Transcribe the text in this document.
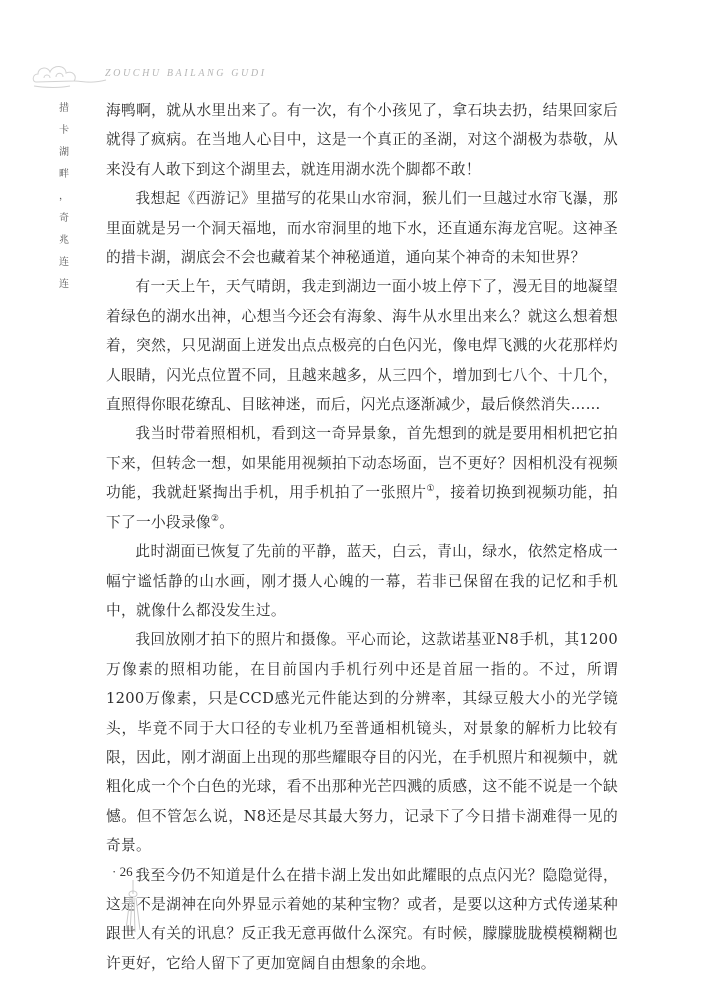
ZOUCHU BAILANG GUDI
措
卡
湖
畔
，
奇
兆
连
连

海鸭啊，就从水里出来了。有一次，有个小孩见了，拿石块去扔，结果回家后就得了疯病。在当地人心目中，这是一个真正的圣湖，对这个湖极为恭敬，从来没有人敢下到这个湖里去，就连用湖水洗个脚都不敢！

我想起《西游记》里描写的花果山水帘洞，猴儿们一旦越过水帘飞瀑，那里面就是另一个洞天福地，而水帘洞里的地下水，还直通东海龙宫呢。这神圣的措卡湖，湖底会不会也藏着某个神秘通道，通向某个神奇的未知世界？

有一天上午，天气晴朗，我走到湖边一面小坡上停下了，漫无目的地凝望着绿色的湖水出神，心想当今还会有海象、海牛从水里出来么？就这么想着想着，突然，只见湖面上迸发出点点极亮的白色闪光，像电焊飞溅的火花那样灼人眼睛，闪光点位置不同，且越来越多，从三四个，增加到七八个、十几个，直照得你眼花缭乱、目眩神迷，而后，闪光点逐渐减少，最后倏然消失……

我当时带着照相机，看到这一奇异景象，首先想到的就是要用相机把它拍下来，但转念一想，如果能用视频拍下动态场面，岂不更好？因相机没有视频功能，我就赶紧掏出手机，用手机拍了一张照片①，接着切换到视频功能，拍下了一小段录像②。

此时湖面已恢复了先前的平静，蓝天，白云，青山，绿水，依然定格成一幅宁谧恬静的山水画，刚才摄人心魄的一幕，若非已保留在我的记忆和手机中，就像什么都没发生过。

我回放刚才拍下的照片和摄像。平心而论，这款诺基亚N8手机，其1200万像素的照相功能，在目前国内手机行列中还是首屈一指的。不过，所谓1200万像素，只是CCD感光元件能达到的分辨率，其绿豆般大小的光学镜头，毕竟不同于大口径的专业机乃至普通相机镜头，对景象的解析力比较有限，因此，刚才湖面上出现的那些耀眼夺目的闪光，在手机照片和视频中，就粗化成一个个白色的光球，看不出那种光芒四溅的质感，这不能不说是一个缺憾。但不管怎么说，N8还是尽其最大努力，记录下了今日措卡湖难得一见的奇景。

我至今仍不知道是什么在措卡湖上发出如此耀眼的点点闪光？隐隐觉得，这是不是湖神在向外界显示着她的某种宝物？或者，是要以这种方式传递某种跟世人有关的讯息？反正我无意再做什么深究。有时候，朦朦胧胧模模糊糊也许更好，它给人留下了更加宽阔自由想象的余地。

· 26 ·
